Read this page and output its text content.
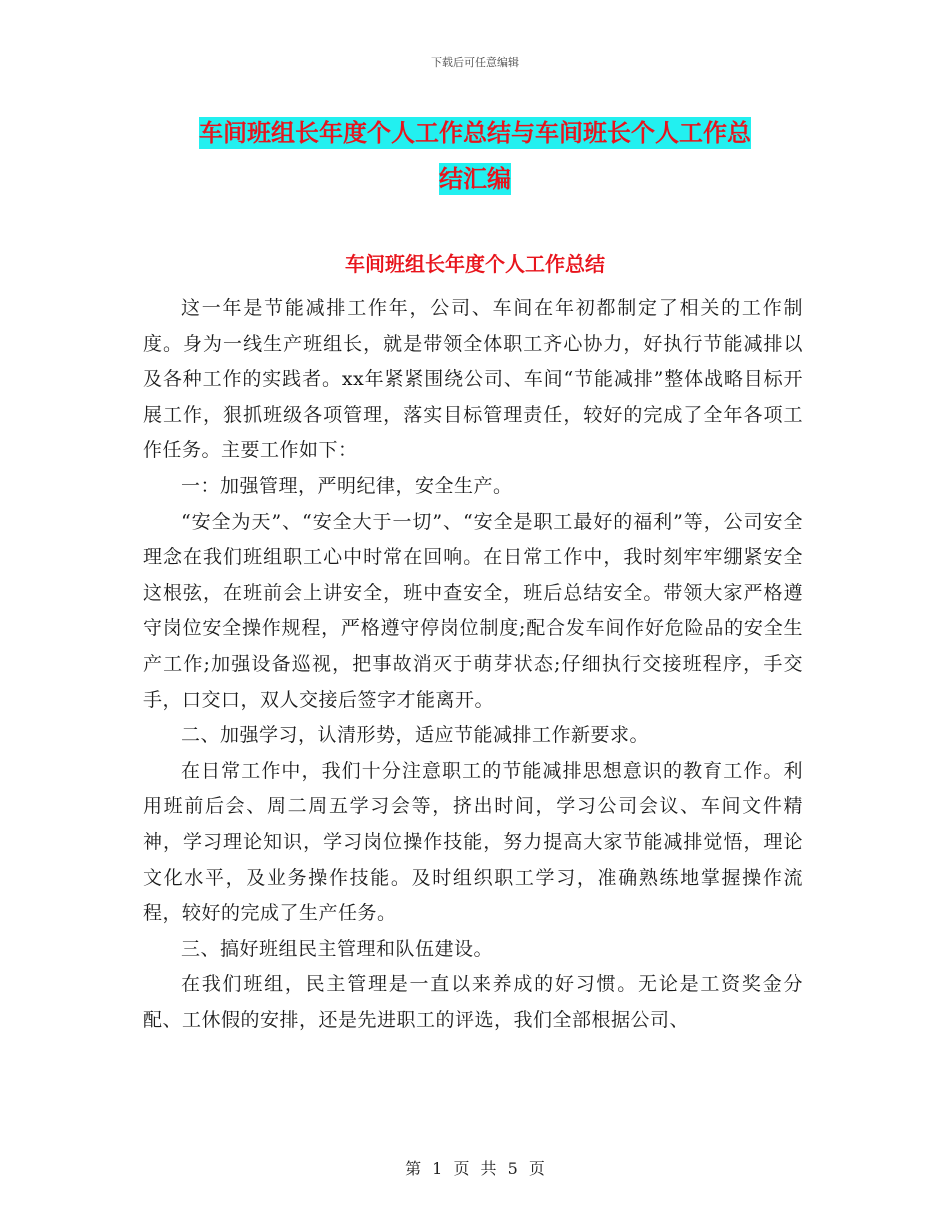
下载后可任意编辑
车间班组长年度个人工作总结与车间班长个人工作总
结汇编
车间班组长年度个人工作总结

这一年是节能减排工作年，公司、车间在年初都制定了相关的工作制度。身为一线生产班组长，就是带领全体职工齐心协力，好执行节能减排以及各种工作的实践者。xx年紧紧围绕公司、车间“节能减排”整体战略目标开展工作，狠抓班级各项管理，落实目标管理责任，较好的完成了全年各项工作任务。主要工作如下：

一：加强管理，严明纪律，安全生产。

“安全为天”、“安全大于一切”、“安全是职工最好的福利”等，公司安全理念在我们班组职工心中时常在回响。在日常工作中，我时刻牢牢绷紧安全这根弦，在班前会上讲安全，班中查安全，班后总结安全。带领大家严格遵守岗位安全操作规程，严格遵守停岗位制度;配合发车间作好危险品的安全生产工作;加强设备巡视，把事故消灭于萌芽状态;仔细执行交接班程序，手交手，口交口，双人交接后签字才能离开。

二、加强学习，认清形势，适应节能减排工作新要求。

在日常工作中，我们十分注意职工的节能减排思想意识的教育工作。利用班前后会、周二周五学习会等，挤出时间，学习公司会议、车间文件精神，学习理论知识，学习岗位操作技能，努力提高大家节能减排觉悟，理论文化水平，及业务操作技能。及时组织职工学习，准确熟练地掌握操作流程，较好的完成了生产任务。

三、搞好班组民主管理和队伍建设。

在我们班组，民主管理是一直以来养成的好习惯。无论是工资奖金分配、工休假的安排，还是先进职工的评选，我们全部根据公司、

第 1 页 共 5 页
